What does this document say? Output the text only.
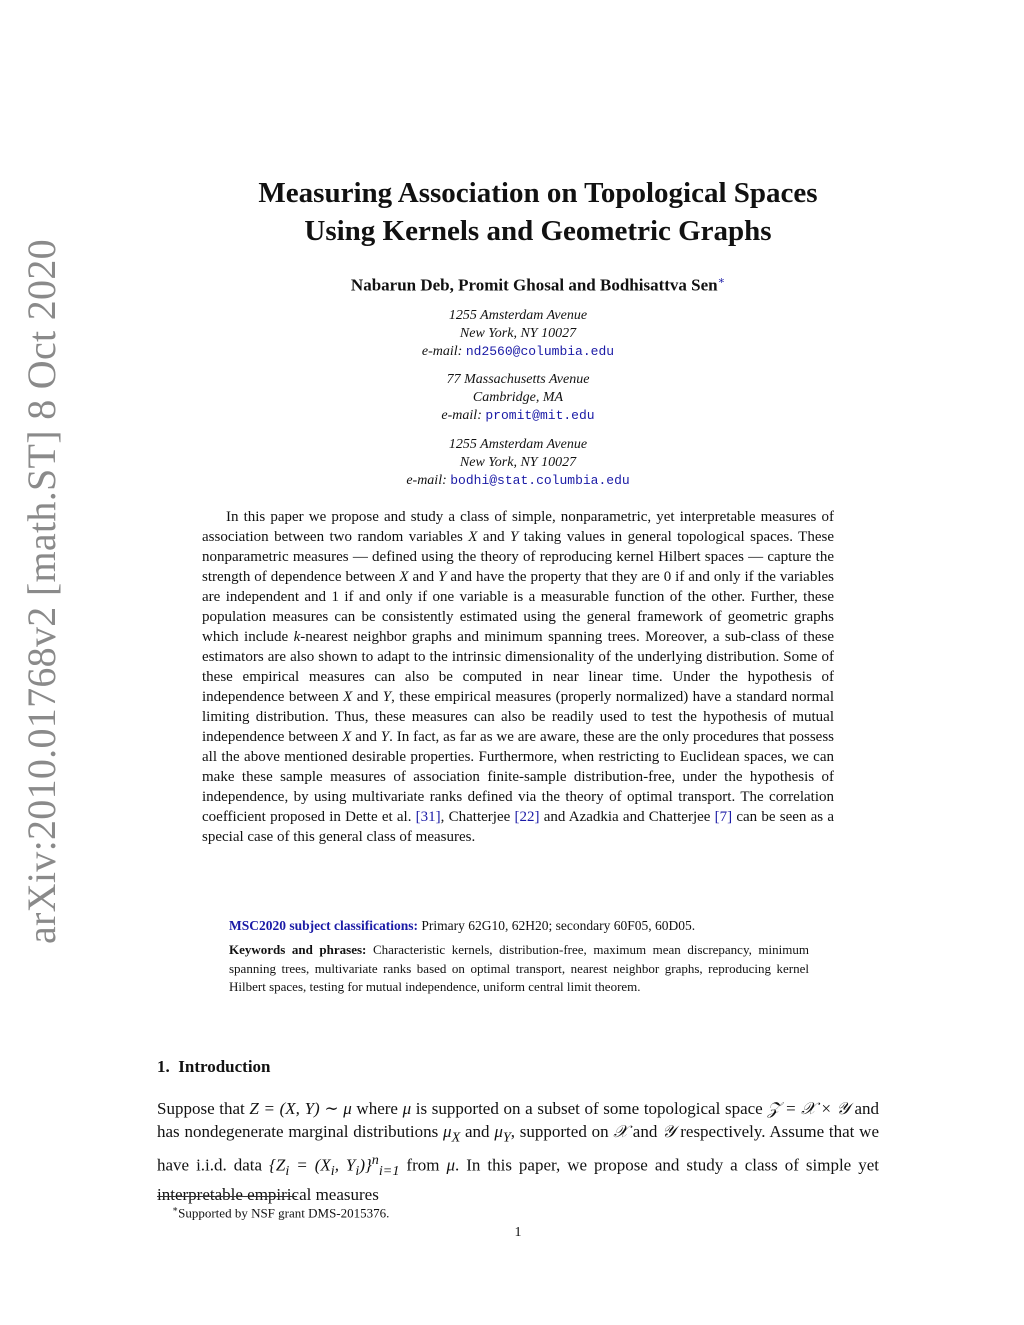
arXiv:2010.01768v2 [math.ST] 8 Oct 2020
Measuring Association on Topological Spaces
Using Kernels and Geometric Graphs
Nabarun Deb, Promit Ghosal and Bodhisattva Sen∗
1255 Amsterdam Avenue
New York, NY 10027
e-mail: nd2560@columbia.edu
77 Massachusetts Avenue
Cambridge, MA
e-mail: promit@mit.edu
1255 Amsterdam Avenue
New York, NY 10027
e-mail: bodhi@stat.columbia.edu
In this paper we propose and study a class of simple, nonparametric, yet interpretable measures of association between two random variables X and Y taking values in general topological spaces. These nonparametric measures — defined using the theory of reproducing kernel Hilbert spaces — capture the strength of dependence between X and Y and have the property that they are 0 if and only if the variables are independent and 1 if and only if one variable is a measurable function of the other. Further, these population measures can be consistently estimated using the general framework of geometric graphs which include k-nearest neighbor graphs and minimum spanning trees. Moreover, a sub-class of these estimators are also shown to adapt to the intrinsic dimensionality of the underlying distribution. Some of these empirical measures can also be computed in near linear time. Under the hypothesis of independence between X and Y, these empirical measures (properly normalized) have a standard normal limiting distribution. Thus, these measures can also be readily used to test the hypothesis of mutual independence between X and Y. In fact, as far as we are aware, these are the only procedures that possess all the above mentioned desirable properties. Furthermore, when restricting to Euclidean spaces, we can make these sample measures of association finite-sample distribution-free, under the hypothesis of independence, by using multivariate ranks defined via the theory of optimal transport. The correlation coefficient proposed in Dette et al. [31], Chatterjee [22] and Azadkia and Chatterjee [7] can be seen as a special case of this general class of measures.
MSC2020 subject classifications: Primary 62G10, 62H20; secondary 60F05, 60D05.
Keywords and phrases: Characteristic kernels, distribution-free, maximum mean discrepancy, minimum spanning trees, multivariate ranks based on optimal transport, nearest neighbor graphs, reproducing kernel Hilbert spaces, testing for mutual independence, uniform central limit theorem.
1. Introduction
Suppose that Z = (X, Y) ∼ μ where μ is supported on a subset of some topological space 𝒵 = 𝒳 × 𝒴 and has nondegenerate marginal distributions $\mu_X$ and $\mu_Y$, supported on 𝒳 and 𝒴 respectively. Assume that we have i.i.d. data {$Z_i = (X_i$, $Y_i)\}^n_{i=1}$ from μ. In this paper, we propose and study a class of simple yet interpretable empirical measures
∗Supported by NSF grant DMS-2015376.
1
